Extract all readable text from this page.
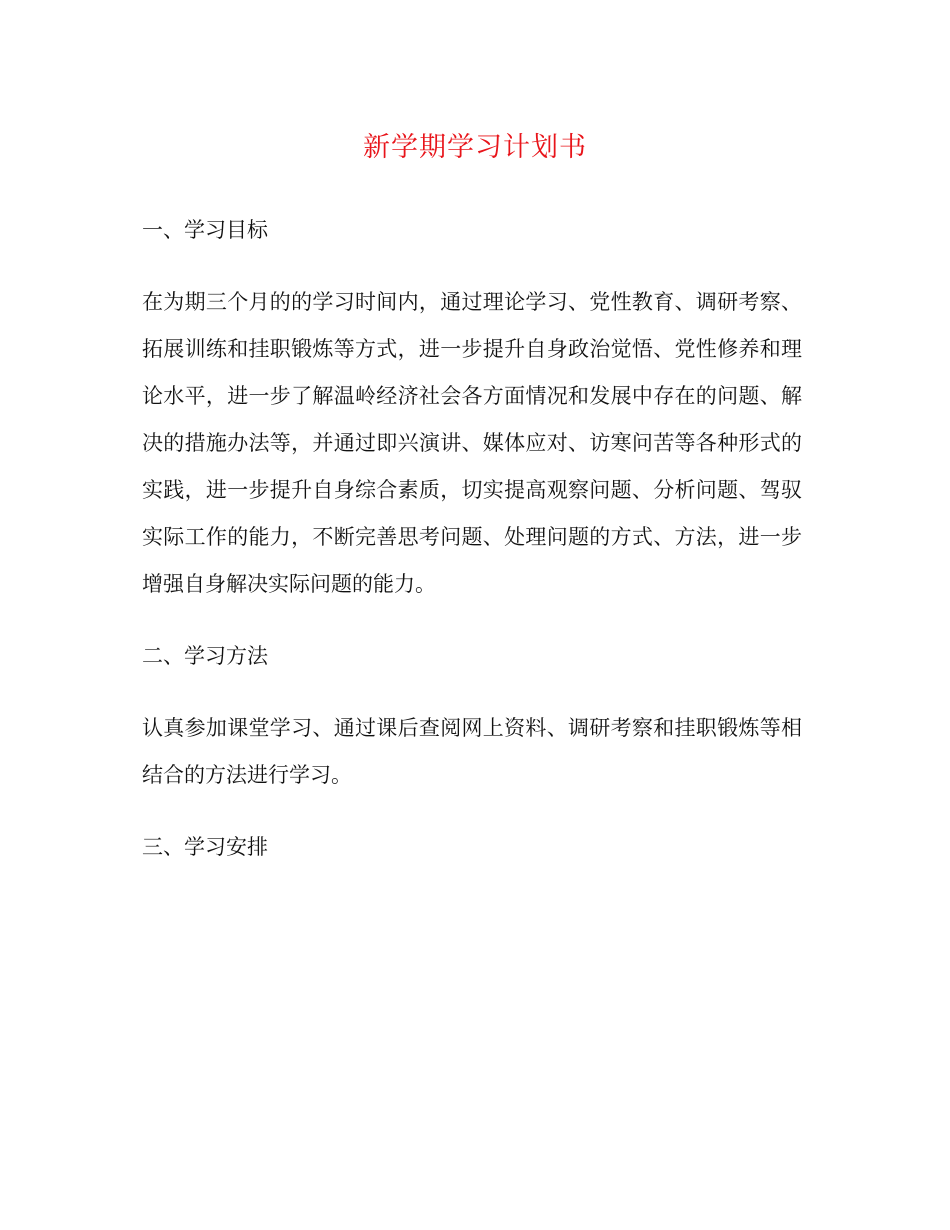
新学期学习计划书
一、学习目标
在为期三个月的的学习时间内，通过理论学习、党性教育、调研考察、拓展训练和挂职锻炼等方式，进一步提升自身政治觉悟、党性修养和理论水平，进一步了解温岭经济社会各方面情况和发展中存在的问题、解决的措施办法等，并通过即兴演讲、媒体应对、访寒问苦等各种形式的实践，进一步提升自身综合素质，切实提高观察问题、分析问题、驾驭实际工作的能力，不断完善思考问题、处理问题的方式、方法，进一步增强自身解决实际问题的能力。
二、学习方法
认真参加课堂学习、通过课后查阅网上资料、调研考察和挂职锻炼等相结合的方法进行学习。
三、学习安排
